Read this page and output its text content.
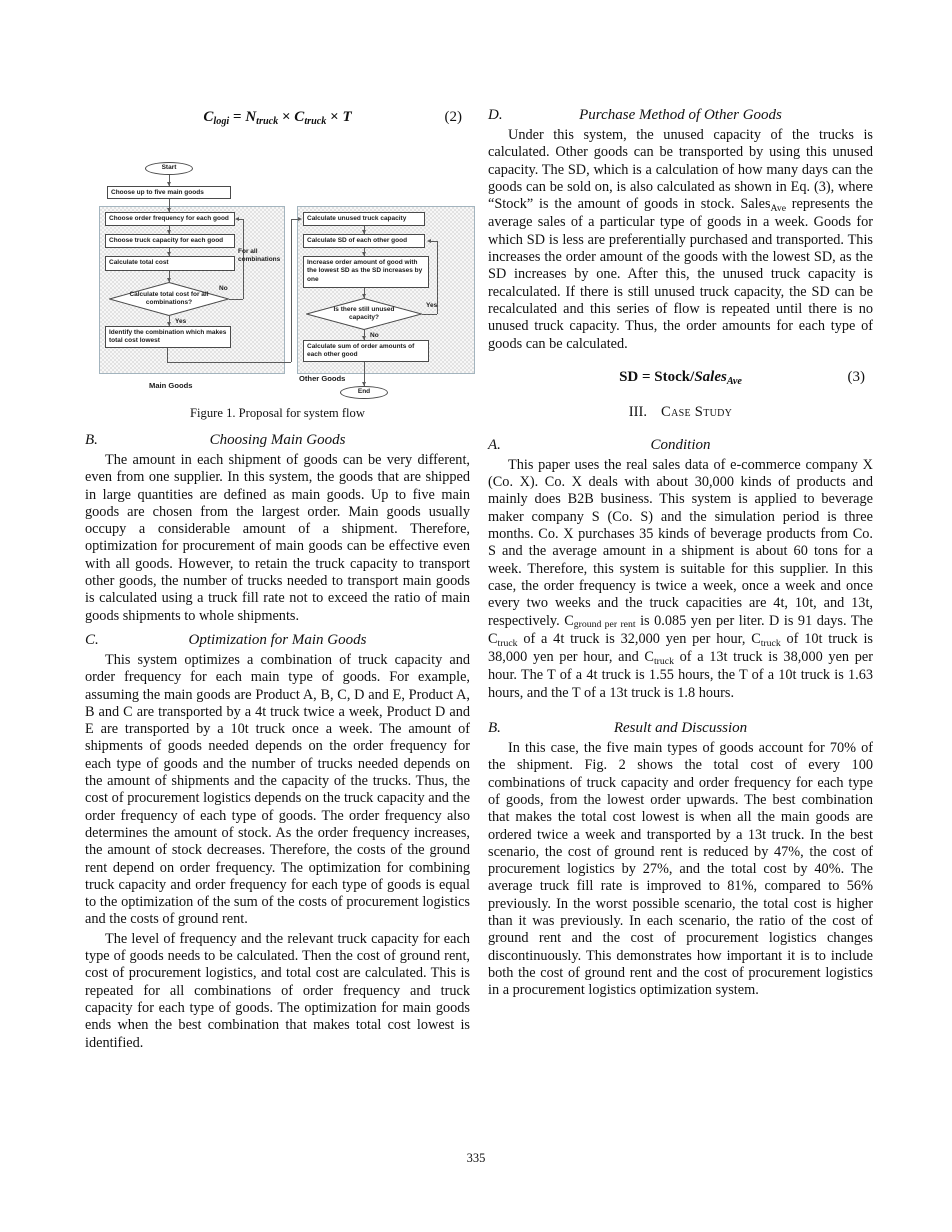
Clogi = Ntruck × Ctruck × T	(2)
Start
Choose up to five main goods
Choose order frequency for each good
Choose truck capacity for each good
Calculate total cost
Calculate total cost for all combinations?
Identify the combination which makes total cost lowest
No
Yes
For all combinations
Main Goods
Calculate unused truck capacity
Calculate SD of each other good
Increase order amount of good with the lowest SD as the SD increases by one
Is there still unused capacity?
Calculate sum of order amounts of each other good
End
Yes
No
Other Goods
Figure 1. Proposal for system flow
B.	Choosing Main Goods

The amount in each shipment of goods can be very different, even from one supplier. In this system, the goods that are shipped in large quantities are defined as main goods. Up to five main goods are chosen from the largest order. Main goods usually occupy a considerable amount of a shipment. Therefore, optimization for procurement of main goods can be effective even with all goods. However, to retain the truck capacity to transport other goods, the number of trucks needed to transport main goods is calculated using a truck fill rate not to exceed the ratio of main goods shipments to whole shipments.

C.	Optimization for Main Goods

This system optimizes a combination of truck capacity and order frequency for each main type of goods. For example, assuming the main goods are Product A, B, C, D and E, Product A, B and C are transported by a 4t truck twice a week, Product D and E are transported by a 10t truck once a week. The amount of shipments of goods needed depends on the order frequency for each type of goods and the number of trucks needed depends on the amount of shipments and the capacity of the trucks. Thus, the cost of procurement logistics depends on the truck capacity and the order frequency of each type of goods. The order frequency also determines the amount of stock. As the order frequency increases, the amount of stock decreases. Therefore, the costs of the ground rent depend on order frequency. The optimization for combining truck capacity and order frequency for each type of goods is equal to the optimization of the sum of the costs of procurement logistics and the costs of ground rent.

The level of frequency and the relevant truck capacity for each type of goods needs to be calculated. Then the cost of ground rent, cost of procurement logistics, and total cost are calculated. This is repeated for all combinations of order frequency and truck capacity for each type of goods. The optimization for main goods ends when the best combination that makes total cost lowest is identified.

D.	Purchase Method of Other Goods

Under this system, the unused capacity of the trucks is calculated. Other goods can be transported by using this unused capacity. The SD, which is a calculation of how many days can the goods can be sold on, is also calculated as shown in Eq. (3), where “Stock” is the amount of goods in stock. SalesAve represents the average sales of a particular type of goods in a week. Goods for which SD is less are preferentially purchased and transported. This increases the order amount of the goods with the lowest SD, as the SD increases by one. After this, the unused truck capacity is recalculated. If there is still unused truck capacity, the SD can be recalculated and this series of flow is repeated until there is no unused truck capacity. Thus, the order amounts for each type of goods can be calculated.

SD = Stock/SalesAve	(3)
III. Case Study
A.	Condition

This paper uses the real sales data of e-commerce company X (Co. X). Co. X deals with about 30,000 kinds of products and mainly does B2B business. This system is applied to beverage maker company S (Co. S) and the simulation period is three months. Co. X purchases 35 kinds of beverage products from Co. S and the average amount in a shipment is about 60 tons for a week. Therefore, this system is suitable for this supplier. In this case, the order frequency is twice a week, once a week and once every two weeks and the truck capacities are 4t, 10t, and 13t, respectively. Cground per rent is 0.085 yen per liter. D is 91 days. The Ctruck of a 4t truck is 32,000 yen per hour, Ctruck of 10t truck is 38,000 yen per hour, and Ctruck of a 13t truck is 38,000 yen per hour. The T of a 4t truck is 1.55 hours, the T of a 10t truck is 1.63 hours, and the T of a 13t truck is 1.8 hours.

B.	Result and Discussion

In this case, the five main types of goods account for 70% of the shipment. Fig. 2 shows the total cost of every 100 combinations of truck capacity and order frequency for each type of goods, from the lowest order upwards. The best combination that makes the total cost lowest is when all the main goods are ordered twice a week and transported by a 13t truck. In the best scenario, the cost of ground rent is reduced by 47%, the cost of procurement logistics by 27%, and the total cost by 40%. The average truck fill rate is improved to 81%, compared to 56% previously. In the worst possible scenario, the total cost is higher than it was previously. In each scenario, the ratio of the cost of ground rent and the cost of procurement logistics changes discontinuously. This demonstrates how important it is to include both the cost of ground rent and the cost of procurement logistics in a procurement logistics optimization system.

335
